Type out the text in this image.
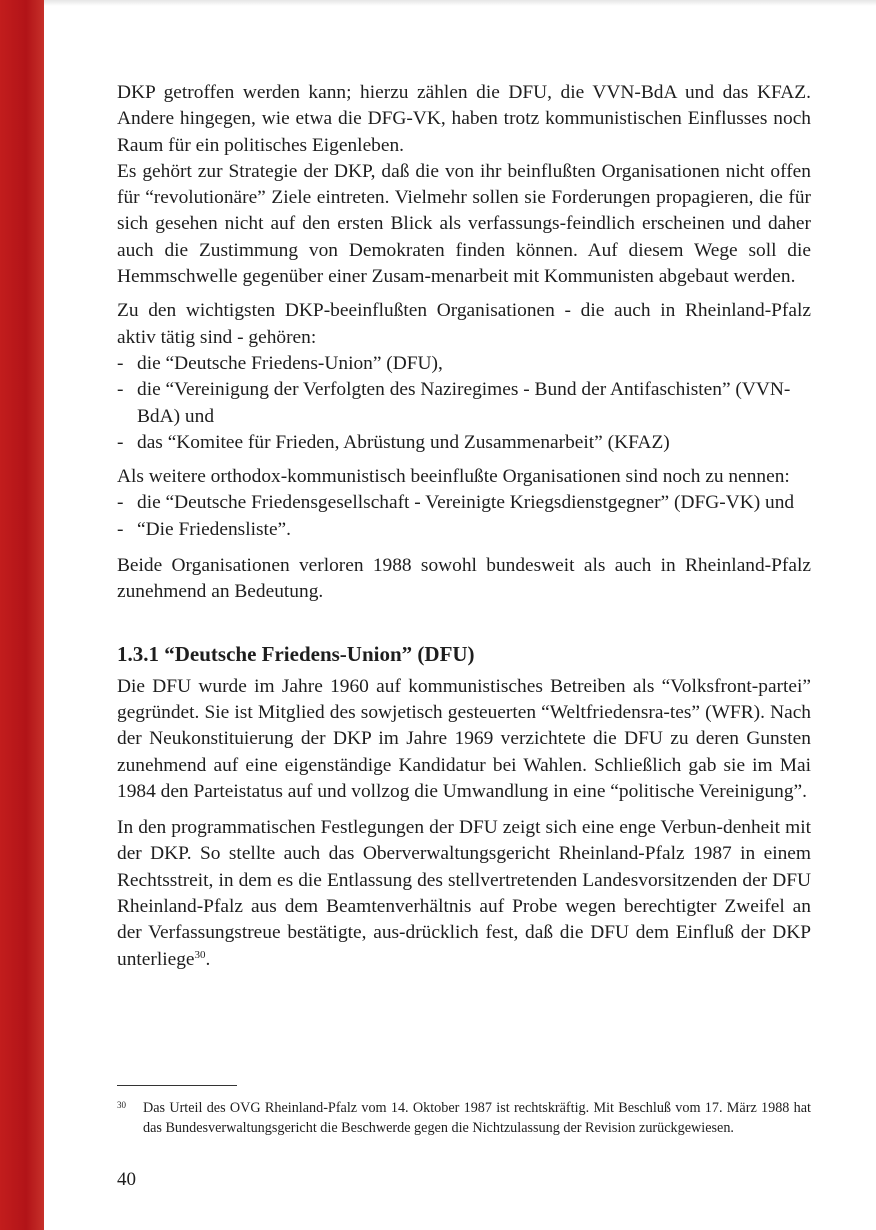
DKP getroffen werden kann; hierzu zählen die DFU, die VVN-BdA und das KFAZ. Andere hingegen, wie etwa die DFG-VK, haben trotz kommunistischen Einflusses noch Raum für ein politisches Eigenleben.

Es gehört zur Strategie der DKP, daß die von ihr beinflußten Organisationen nicht offen für “revolutionäre” Ziele eintreten. Vielmehr sollen sie Forderungen propagieren, die für sich gesehen nicht auf den ersten Blick als verfassungs-feindlich erscheinen und daher auch die Zustimmung von Demokraten finden können. Auf diesem Wege soll die Hemmschwelle gegenüber einer Zusam-menarbeit mit Kommunisten abgebaut werden.

Zu den wichtigsten DKP-beeinflußten Organisationen - die auch in Rheinland-Pfalz aktiv tätig sind - gehören:

- die “Deutsche Friedens-Union” (DFU),
- die “Vereinigung der Verfolgten des Naziregimes - Bund der Antifaschisten” (VVN-BdA) und
- das “Komitee für Frieden, Abrüstung und Zusammenarbeit” (KFAZ)

Als weitere orthodox-kommunistisch beeinflußte Organisationen sind noch zu nennen:

- die “Deutsche Friedensgesellschaft - Vereinigte Kriegsdienstgegner” (DFG-VK) und
- “Die Friedensliste”.

Beide Organisationen verloren 1988 sowohl bundesweit als auch in Rheinland-Pfalz zunehmend an Bedeutung.

1.3.1 “Deutsche Friedens-Union” (DFU)

Die DFU wurde im Jahre 1960 auf kommunistisches Betreiben als “Volksfront-partei” gegründet. Sie ist Mitglied des sowjetisch gesteuerten “Weltfriedensra-tes” (WFR). Nach der Neukonstituierung der DKP im Jahre 1969 verzichtete die DFU zu deren Gunsten zunehmend auf eine eigenständige Kandidatur bei Wahlen. Schließlich gab sie im Mai 1984 den Parteistatus auf und vollzog die Umwandlung in eine “politische Vereinigung”.

In den programmatischen Festlegungen der DFU zeigt sich eine enge Verbun-denheit mit der DKP. So stellte auch das Oberverwaltungsgericht Rheinland-Pfalz 1987 in einem Rechtsstreit, in dem es die Entlassung des stellvertretenden Landesvorsitzenden der DFU Rheinland-Pfalz aus dem Beamtenverhältnis auf Probe wegen berechtigter Zweifel an der Verfassungstreue bestätigte, aus-drücklich fest, daß die DFU dem Einfluß der DKP unterliege$^{30}$.

30	Das Urteil des OVG Rheinland-Pfalz vom 14. Oktober 1987 ist rechtskräftig. Mit Beschluß vom 17. März 1988 hat das Bundesverwaltungsgericht die Beschwerde gegen die Nichtzulassung der Revision zurückgewiesen.
40
